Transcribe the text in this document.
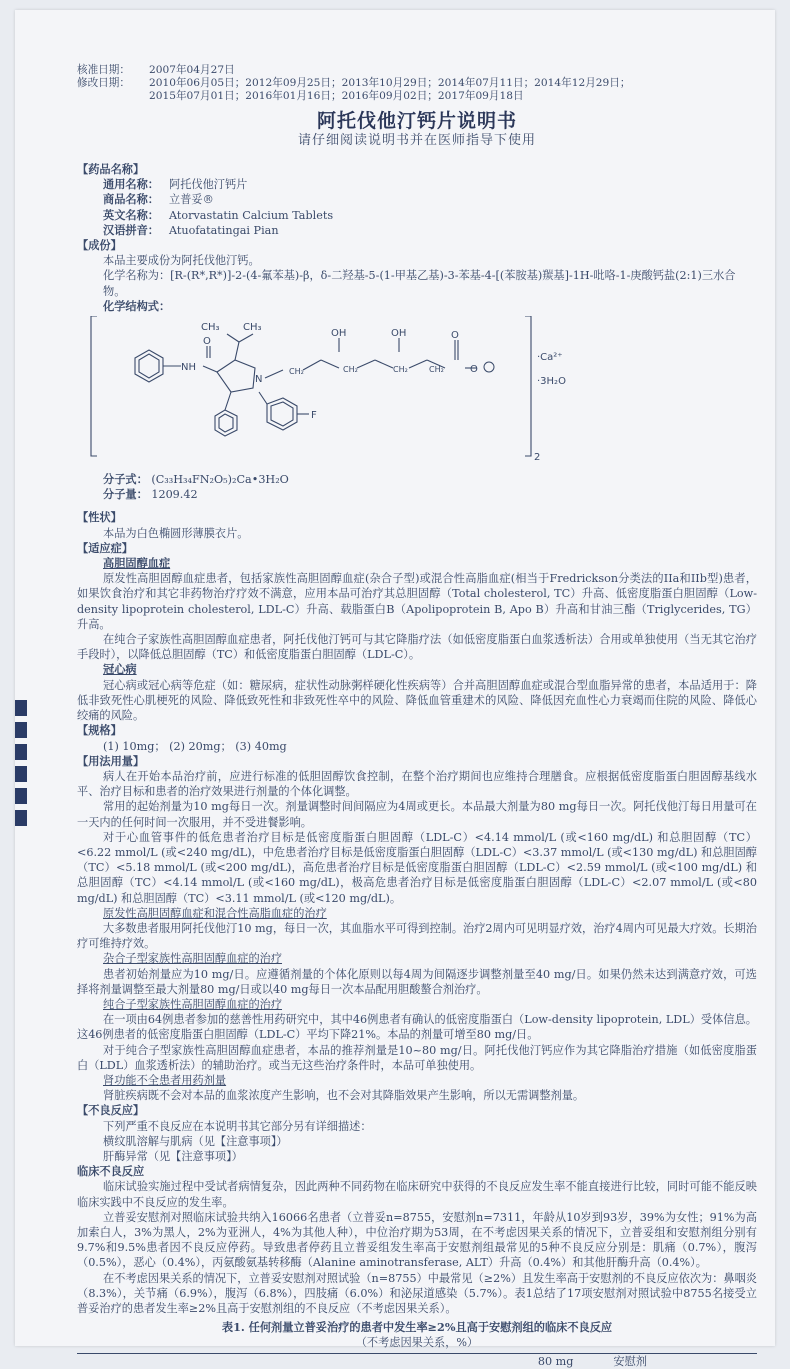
核准日期：	2007年04月27日
修改日期：	2010年06月05日；2012年09月25日；2013年10月29日；2014年07月11日；2014年12月29日；
2015年07月01日；2016年01月16日；2016年09月02日；2017年09月18日
阿托伐他汀钙片说明书
请仔细阅读说明书并在医师指导下使用
【药品名称】
通用名称： 阿托伐他汀钙片
商品名称： 立普妥®
英文名称： Atorvastatin Calcium Tablets
汉语拼音： Atuofatatingai Pian
【成份】
本品主要成份为阿托伐他汀钙。
化学名称为：[R-(R*,R*)]-2-(4-氟苯基)-β，δ-二羟基-5-(1-甲基乙基)-3-苯基-4-[(苯胺基)羰基]-1H-吡咯-1-庚酸钙盐(2:1)三水合物。
化学结构式：
CH₃ CH₃
NH
O
N
OH	OH	O
O
F
·Ca²⁺
·3H₂O
2
CH₂	CH₂	CH₂	CH₂
分子式： (C₃₃H₃₄FN₂O₅)₂Ca•3H₂O
分子量： 1209.42
【性状】
本品为白色椭圆形薄膜衣片。
【适应症】
高胆固醇血症
原发性高胆固醇血症患者，包括家族性高胆固醇血症(杂合子型)或混合性高脂血症(相当于Fredrickson分类法的IIa和IIb型)患者，如果饮食治疗和其它非药物治疗疗效不满意，应用本品可治疗其总胆固醇（Total cholesterol, TC）升高、低密度脂蛋白胆固醇（Low-density lipoprotein cholesterol, LDL-C）升高、载脂蛋白B（Apolipoprotein B, Apo B）升高和甘油三酯（Triglycerides, TG）升高。
在纯合子家族性高胆固醇血症患者，阿托伐他汀钙可与其它降脂疗法（如低密度脂蛋白血浆透析法）合用或单独使用（当无其它治疗手段时），以降低总胆固醇（TC）和低密度脂蛋白胆固醇（LDL-C）。
冠心病
冠心病或冠心病等危症（如：糖尿病，症状性动脉粥样硬化性疾病等）合并高胆固醇血症或混合型血脂异常的患者，本品适用于：降低非致死性心肌梗死的风险、降低致死性和非致死性卒中的风险、降低血管重建术的风险、降低因充血性心力衰竭而住院的风险、降低心绞痛的风险。
【规格】
(1) 10mg； (2) 20mg； (3) 40mg
【用法用量】
病人在开始本品治疗前，应进行标准的低胆固醇饮食控制，在整个治疗期间也应维持合理膳食。应根据低密度脂蛋白胆固醇基线水平、治疗目标和患者的治疗效果进行剂量的个体化调整。
常用的起始剂量为10 mg每日一次。剂量调整时间间隔应为4周或更长。本品最大剂量为80 mg每日一次。阿托伐他汀每日用量可在一天内的任何时间一次服用，并不受进餐影响。
对于心血管事件的低危患者治疗目标是低密度脂蛋白胆固醇（LDL-C）<4.14 mmol/L (或<160 mg/dL) 和总胆固醇（TC）<6.22 mmol/L (或<240 mg/dL)，中危患者治疗目标是低密度脂蛋白胆固醇（LDL-C）<3.37 mmol/L (或<130 mg/dL) 和总胆固醇（TC）<5.18 mmol/L (或<200 mg/dL)，高危患者治疗目标是低密度脂蛋白胆固醇（LDL-C）<2.59 mmol/L (或<100 mg/dL) 和总胆固醇（TC）<4.14 mmol/L (或<160 mg/dL)，极高危患者治疗目标是低密度脂蛋白胆固醇（LDL-C）<2.07 mmol/L (或<80 mg/dL) 和总胆固醇（TC）<3.11 mmol/L (或<120 mg/dL)。
原发性高胆固醇血症和混合性高脂血症的治疗
大多数患者服用阿托伐他汀10 mg，每日一次，其血脂水平可得到控制。治疗2周内可见明显疗效，治疗4周内可见最大疗效。长期治疗可维持疗效。
杂合子型家族性高胆固醇血症的治疗
患者初始剂量应为10 mg/日。应遵循剂量的个体化原则以每4周为间隔逐步调整剂量至40 mg/日。如果仍然未达到满意疗效，可选择将剂量调整至最大剂量80 mg/日或以40 mg每日一次本品配用胆酸螯合剂治疗。
纯合子型家族性高胆固醇血症的治疗
在一项由64例患者参加的慈善性用药研究中，其中46例患者有确认的低密度脂蛋白（Low-density lipoprotein, LDL）受体信息。这46例患者的低密度脂蛋白胆固醇（LDL-C）平均下降21%。本品的剂量可增至80 mg/日。
对于纯合子型家族性高胆固醇血症患者，本品的推荐剂量是10~80 mg/日。阿托伐他汀钙应作为其它降脂治疗措施（如低密度脂蛋白（LDL）血浆透析法）的辅助治疗。或当无这些治疗条件时，本品可单独使用。
肾功能不全患者用药剂量
肾脏疾病既不会对本品的血浆浓度产生影响，也不会对其降脂效果产生影响，所以无需调整剂量。
【不良反应】
下列严重不良反应在本说明书其它部分另有详细描述：
横纹肌溶解与肌病（见【注意事项】）
肝酶异常（见【注意事项】）
临床不良反应
临床试验实施过程中受试者病情复杂，因此两种不同药物在临床研究中获得的不良反应发生率不能直接进行比较，同时可能不能反映临床实践中不良反应的发生率。
立普妥安慰剂对照临床试验共纳入16066名患者（立普妥n=8755，安慰剂n=7311，年龄从10岁到93岁，39%为女性；91%为高加索白人，3%为黑人，2%为亚洲人，4%为其他人种），中位治疗期为53周，在不考虑因果关系的情况下，立普妥组和安慰剂组分别有9.7%和9.5%患者因不良反应停药。导致患者停药且立普妥组发生率高于安慰剂组最常见的5种不良反应分别是：肌痛（0.7%），腹泻（0.5%），恶心（0.4%），丙氨酸氨基转移酶（Alanine aminotransferase, ALT）升高（0.4%）和其他肝酶升高（0.4%）。
在不考虑因果关系的情况下，立普妥安慰剂对照试验（n=8755）中最常见（≥2%）且发生率高于安慰剂的不良反应依次为：鼻咽炎（8.3%），关节痛（6.9%），腹泻（6.8%），四肢痛（6.0%）和泌尿道感染（5.7%）。表1总结了17项安慰剂对照试验中8755名接受立普妥治疗的患者发生率≥2%且高于安慰剂组的不良反应（不考虑因果关系）。
表1. 任何剂量立普妥治疗的患者中发生率≥2%且高于安慰剂组的临床不良反应
（不考虑因果关系，%）
80 mg	安慰剂
